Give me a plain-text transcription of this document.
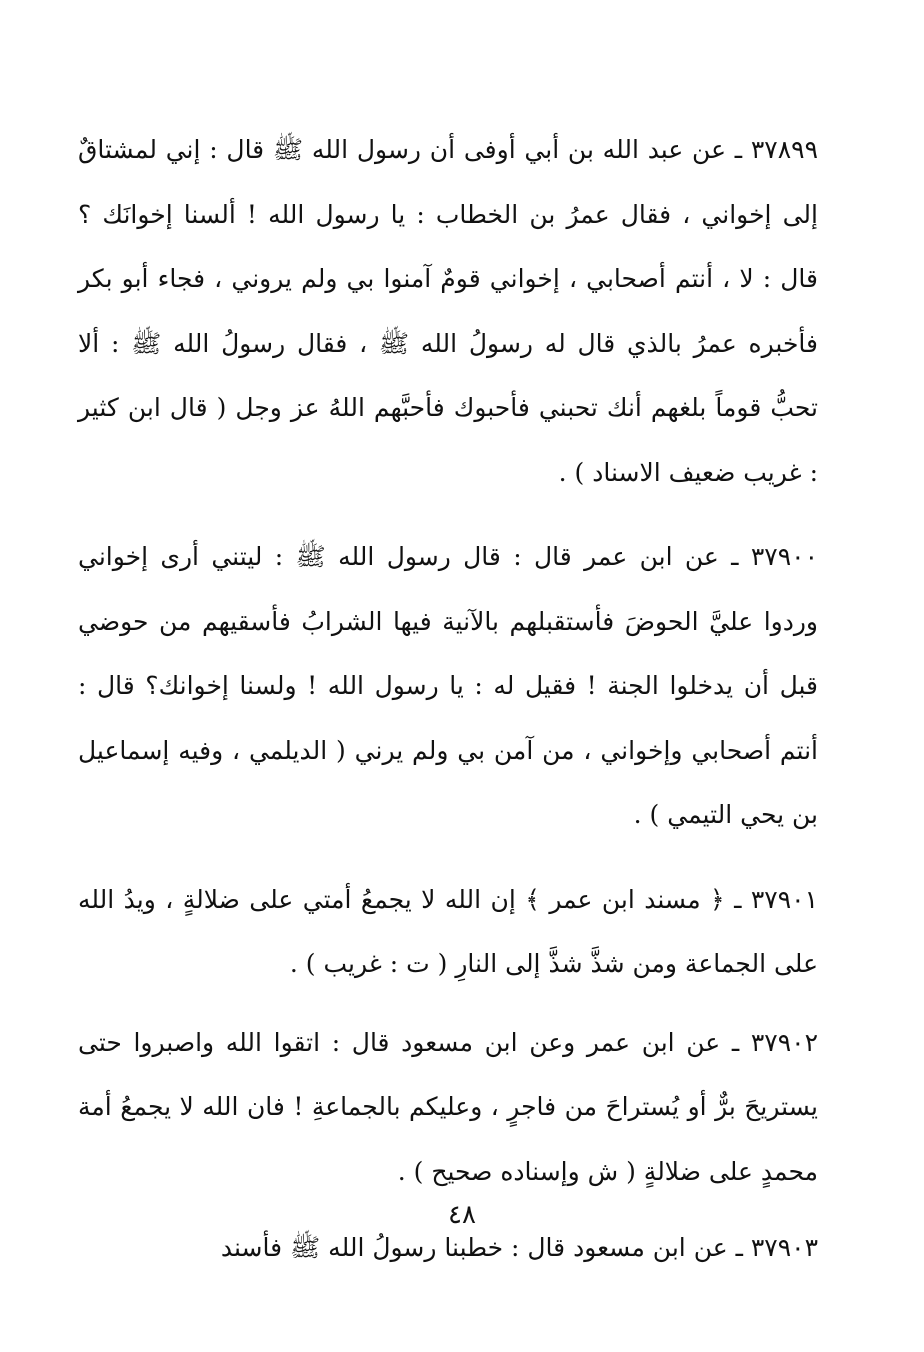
٣٧٨٩٩ ـ عن عبد الله بن أبي أوفى أن رسول الله ﷺ قال : إني لمشتاقٌ إلى إخواني ، فقال عمرُ بن الخطاب : يا رسول الله ! ألسنا إخوانَك ؟ قال : لا ، أنتم أصحابي ، إخواني قومٌ آمنوا بي ولم يروني ، فجاء أبو بكر فأخبره عمرُ بالذي قال له رسولُ الله ﷺ ، فقال رسولُ الله ﷺ : ألا تحبُّ قوماً بلغهم أنك تحبني فأحبوك فأحبَّهم اللهُ عز وجل ( قال ابن كثير : غريب ضعيف الاسناد ) .

٣٧٩٠٠ ـ عن ابن عمر قال : قال رسول الله ﷺ : ليتني أرى إخواني وردوا عليَّ الحوضَ فأستقبلهم بالآنية فيها الشرابُ فأسقيهم من حوضي قبل أن يدخلوا الجنة ! فقيل له : يا رسول الله ! ولسنا إخوانك؟ قال : أنتم أصحابي وإخواني ، من آمن بي ولم يرني ( الديلمي ، وفيه إسماعيل بن يحي التيمي ) .

٣٧٩٠١ ـ ﴿ مسند ابن عمر ﴾ إن الله لا يجمعُ أمتي على ضلالةٍ ، ويدُ الله على الجماعة ومن شذَّ شذَّ إلى النارِ ( ت : غريب ) .

٣٧٩٠٢ ـ عن ابن عمر وعن ابن مسعود قال : اتقوا الله واصبروا حتى يستريحَ برٌّ أو يُستراحَ من فاجرٍ ، وعليكم بالجماعةِ ! فان الله لا يجمعُ أمة محمدٍ على ضلالةٍ ( ش وإسناده صحيح ) .

٣٧٩٠٣ ـ عن ابن مسعود قال : خطبنا رسولُ الله ﷺ فأسند

٤٨
